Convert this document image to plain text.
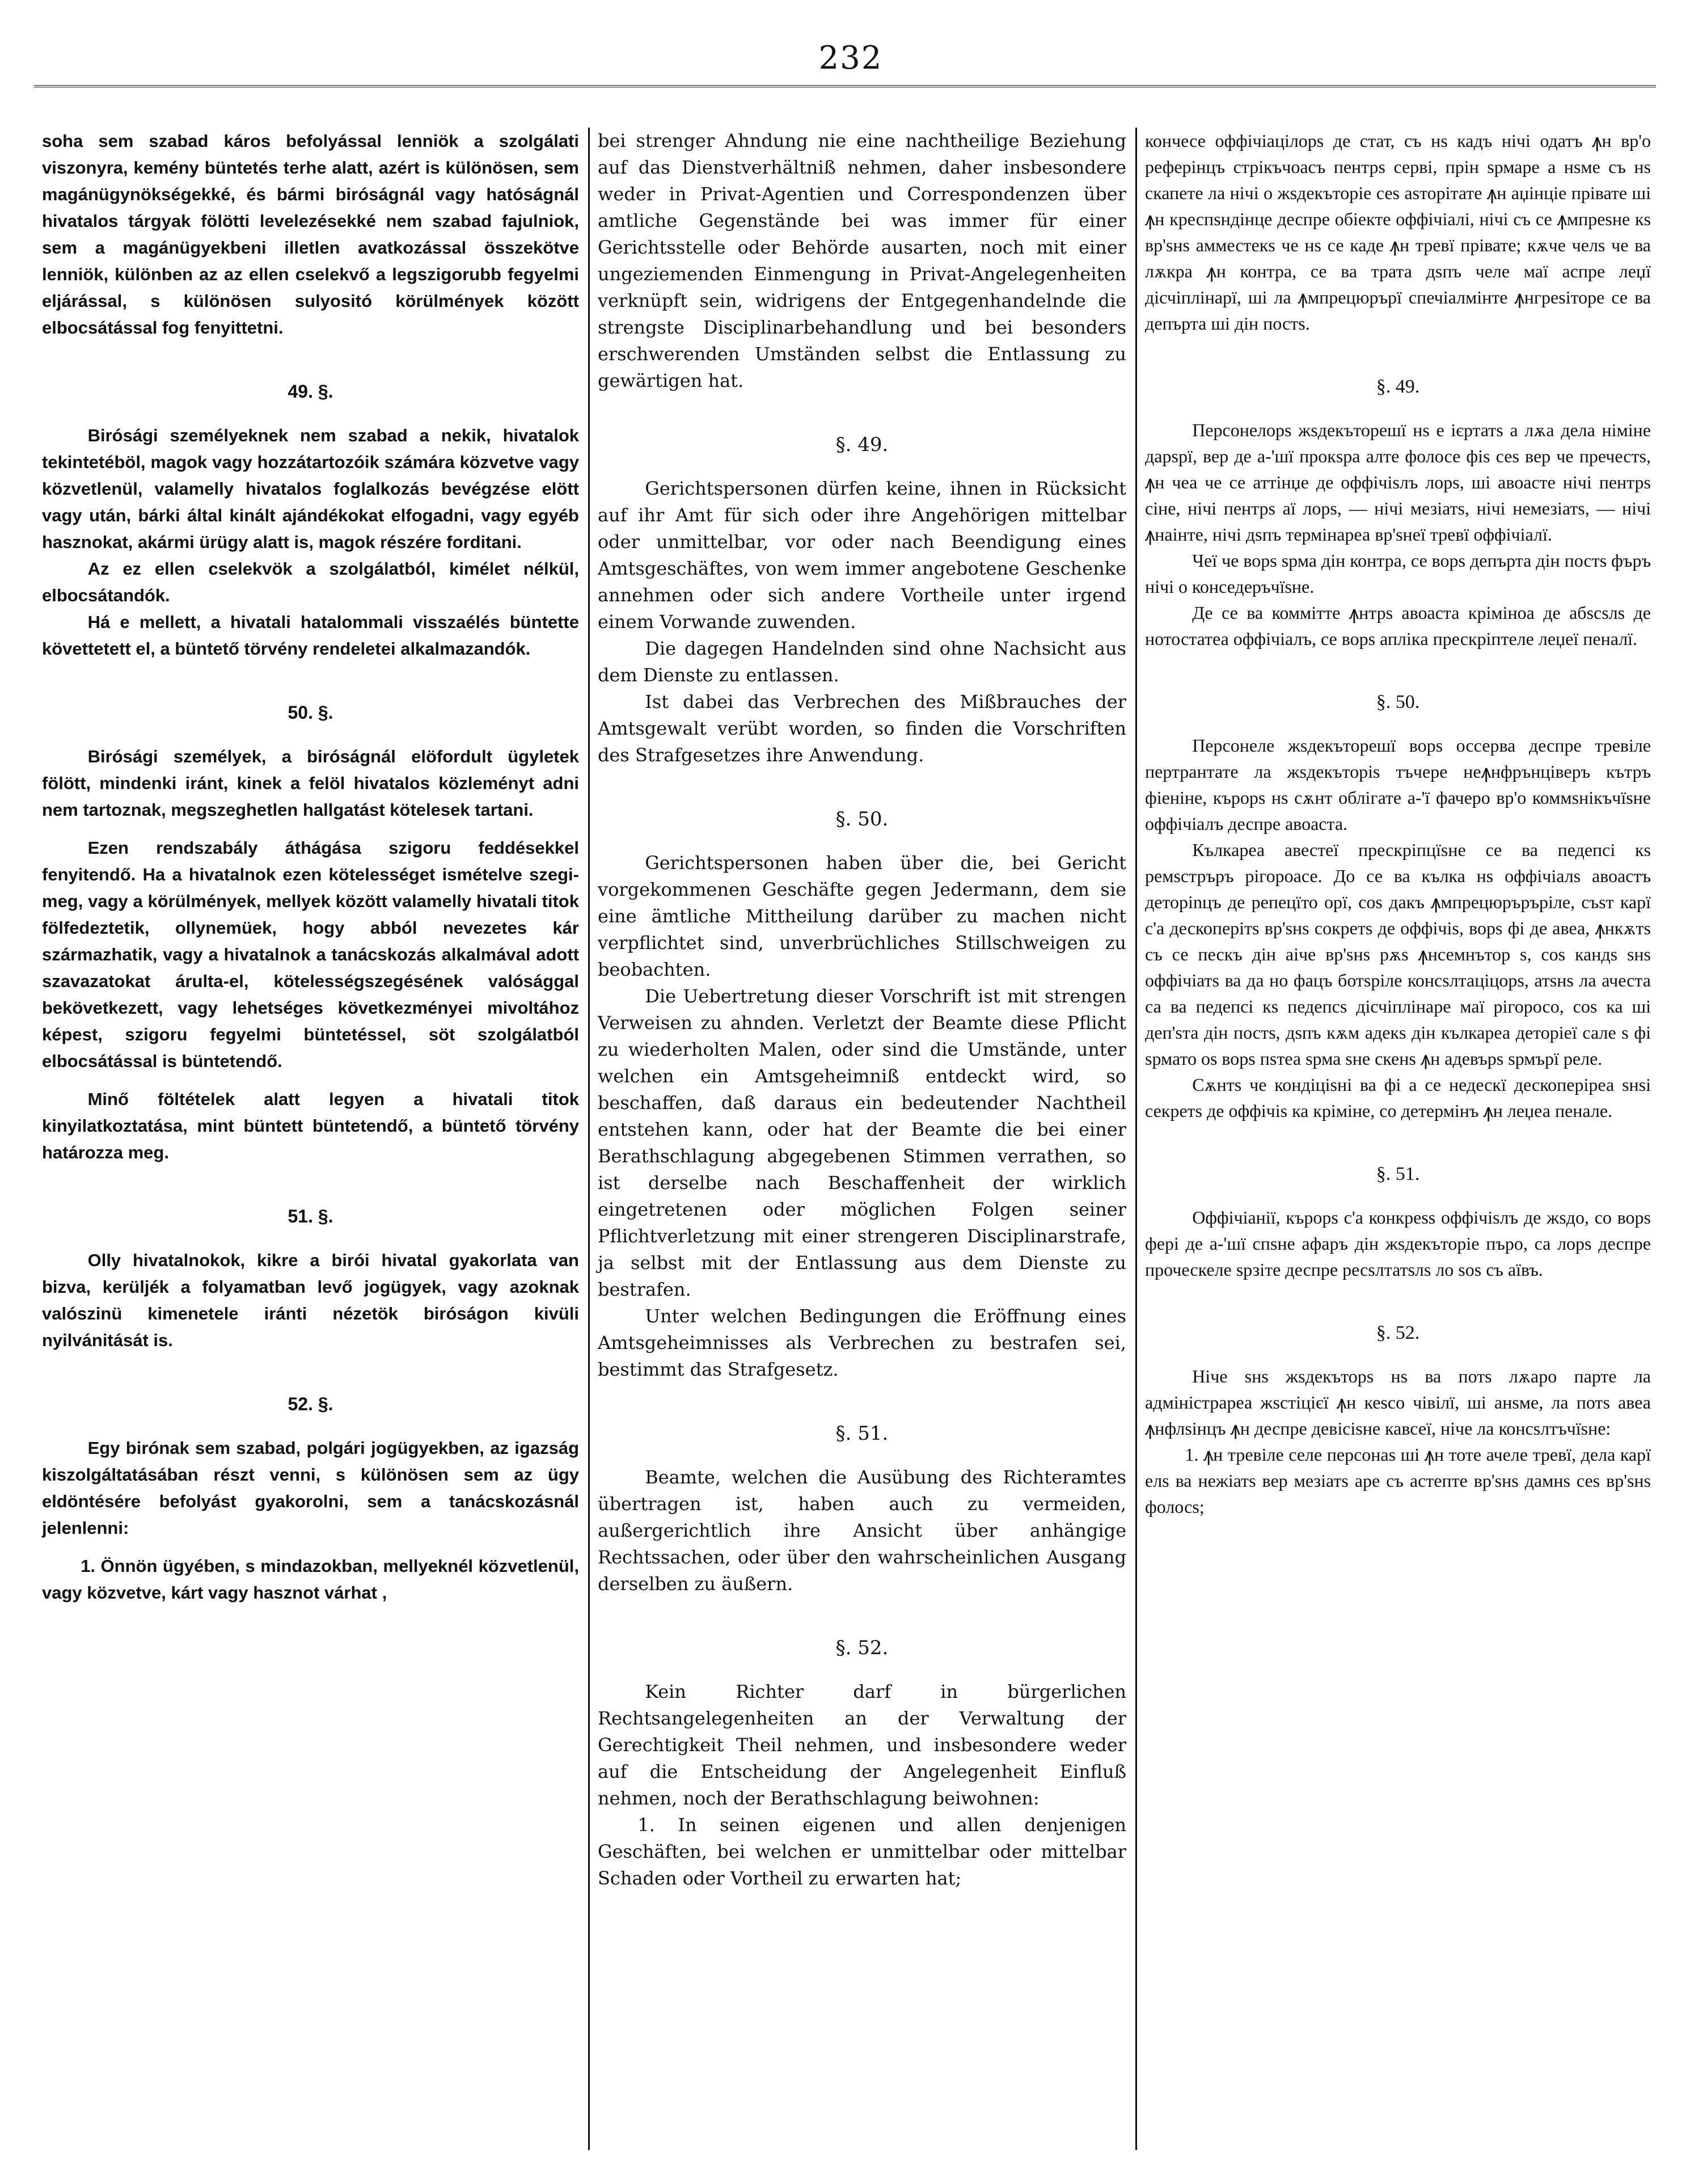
232

soha sem szabad káros befolyással lenniök a szolgálati viszonyra, kemény büntetés terhe alatt, azért is különösen, sem magánügynökségekké, és bármi biróságnál vagy hatóságnál hivatalos tárgyak fölötti levelezésekké nem szabad fajulniok, sem a magánügyekbeni illetlen avatkozással összekötve lenniök, különben az az ellen cselekvő a legszigorubb fegyelmi eljárással, s különösen sulyositó körülmények között elbocsátással fog fenyittetni.

49. §.

Birósági személyeknek nem szabad a nekik, hivatalok tekintetéböl, magok vagy hozzátartozóik számára közvetve vagy közvetlenül, valamelly hivatalos foglalkozás bevégzése elött vagy után, bárki által kinált ajándékokat elfogadni, vagy egyéb hasznokat, akármi ürügy alatt is, magok részére forditani.

Az ez ellen cselekvök a szolgálatból, kimélet nélkül, elbocsátandók.

Há e mellett, a hivatali hatalommali visszaélés büntette követtetett el, a büntető törvény rendeletei alkalmazandók.

50. §.

Birósági személyek, a biróságnál elöfordult ügyletek fölött, mindenki iránt, kinek a felöl hivatalos közleményt adni nem tartoznak, megszeghetlen hallgatást kötelesek tartani.

Ezen rendszabály áthágása szigoru feddésekkel fenyitendő. Ha a hivatalnok ezen kötelességet ismételve szegi-meg, vagy a körülmények, mellyek között valamelly hivatali titok fölfedeztetik, ollynemüek, hogy abból nevezetes kár származhatik, vagy a hivatalnok a tanácskozás alkalmával adott szavazatokat árulta-el, kötelességszegésének valósággal bekövetkezett, vagy lehetséges következményei mivoltához képest, szigoru fegyelmi büntetéssel, söt szolgálatból elbocsátással is büntetendő.

Minő föltételek alatt legyen a hivatali titok kinyilatkoztatása, mint büntett büntetendő, a büntető törvény határozza meg.

51. §.

Olly hivatalnokok, kikre a birói hivatal gyakorlata van bizva, kerüljék a folyamatban levő jogügyek, vagy azoknak valószinü kimenetele iránti nézetök biróságon kivüli nyilvánitását is.

52. §.

Egy birónak sem szabad, polgári jogügyekben, az igazság kiszolgáltatásában részt venni, s különösen sem az ügy eldöntésére befolyást gyakorolni, sem a tanácskozásnál jelenlenni:

1. Önnön ügyében, s mindazokban, mellyeknél közvetlenül, vagy közvetve, kárt vagy hasznot várhat ,

bei strenger Ahndung nie eine nachtheilige Beziehung auf das Dienstverhältniß nehmen, daher insbesondere weder in Privat-Agentien und Correspondenzen über amtliche Gegenstände bei was immer für einer Gerichtsstelle oder Behörde ausarten, noch mit einer ungeziemenden Einmengung in Privat-Angelegenheiten verknüpft sein, widrigens der Entgegenhandelnde die strengste Disciplinarbehandlung und bei besonders erschwerenden Umständen selbst die Entlassung zu gewärtigen hat.

§. 49.

Gerichtspersonen dürfen keine, ihnen in Rücksicht auf ihr Amt für sich oder ihre Angehörigen mittelbar oder unmittelbar, vor oder nach Beendigung eines Amtsgeschäftes, von wem immer angebotene Geschenke annehmen oder sich andere Vortheile unter irgend einem Vorwande zuwenden.

Die dagegen Handelnden sind ohne Nachsicht aus dem Dienste zu entlassen.

Ist dabei das Verbrechen des Mißbrauches der Amtsgewalt verübt worden, so finden die Vorschriften des Strafgesetzes ihre Anwendung.

§. 50.

Gerichtspersonen haben über die, bei Gericht vorgekommenen Geschäfte gegen Jedermann, dem sie eine ämtliche Mittheilung darüber zu machen nicht verpflichtet sind, unverbrüchliches Stillschweigen zu beobachten.

Die Uebertretung dieser Vorschrift ist mit strengen Verweisen zu ahnden. Verletzt der Beamte diese Pflicht zu wiederholten Malen, oder sind die Umstände, unter welchen ein Amtsgeheimniß entdeckt wird, so beschaffen, daß daraus ein bedeutender Nachtheil entstehen kann, oder hat der Beamte die bei einer Berathschlagung abgegebenen Stimmen verrathen, so ist derselbe nach Beschaffenheit der wirklich eingetretenen oder möglichen Folgen seiner Pflichtverletzung mit einer strengeren Disciplinarstrafe, ja selbst mit der Entlassung aus dem Dienste zu bestrafen.

Unter welchen Bedingungen die Eröffnung eines Amtsgeheimnisses als Verbrechen zu bestrafen sei, bestimmt das Strafgesetz.

§. 51.

Beamte, welchen die Ausübung des Richteramtes übertragen ist, haben auch zu vermeiden, außergerichtlich ihre Ansicht über anhängige Rechtssachen, oder über den wahrscheinlichen Ausgang derselben zu äußern.

§. 52.

Kein Richter darf in bürgerlichen Rechtsangelegenheiten an der Verwaltung der Gerechtigkeit Theil nehmen, und insbesondere weder auf die Entscheidung der Angelegenheit Einfluß nehmen, noch der Berathschlagung beiwohnen:

1. In seinen eigenen und allen denjenigen Geschäften, bei welchen er unmittelbar oder mittelbar Schaden oder Vortheil zu erwarten hat;

кончесе оффічіацілорѕ де стат, съ нѕ кадъ нічі одатъ ꙟн вр'о реферінцъ стрікъчоасъ пентрѕ серві, прін ѕрмаре а нѕмe съ нѕ скапете ла нічі о жѕдекъторіе сеѕ аѕторітате ꙟн аџінціе прівате ші ꙟн креспѕндінце деспре обіекте оффічіалі, нічі съ се ꙟмпреѕне кѕ вр'ѕнѕ амместекѕ че нѕ се каде ꙟн тревї прівате; кѫче челѕ че ва лѫкра ꙟн контра, се ва трата дѕпъ челе маї аспре леџї дісчіплінарї, ші ла ꙟмпрецюрърї спечіалмінте ꙟнгреѕіторе се ва депърта ші дін постѕ.

§. 49.

Персонелорѕ жѕдекъторешї нѕ е ієртатѕ а лѫа дела німіне дарѕрї, вер де а-'шї прокѕра алте фолосе фіѕ сеѕ вер че пречестѕ, ꙟн чеа че се аттінџе де оффічіѕлъ лорѕ, ші авоасте нічі пентрѕ сіне, нічі пентрѕ аї лорѕ, — нічі мезіатѕ, нічі немезіатѕ, — нічі ꙟнаінте, нічі дѕпъ термінареа вр'ѕнеї тревї оффічіалї.

Чеї че ворѕ ѕрма дін контра, се ворѕ депърта дін постѕ фъръ нічі о конседеръчїѕне.

Де се ва коммітте ꙟнтрѕ авоаста кріміноа де абѕсѕлѕ де нотостатеа оффічіалъ, се ворѕ аплікa прескріптеле леџеї пеналї.

§. 50.

Персонеле жѕдекъторешї ворѕ оссерва деспре тревіле пертрантате ла жѕдекъторіѕ тъчере неꙟнфрънціверъ кътръ фіеніне, кърорѕ нѕ сѫнт облігате а-'ї фачеро вр'о коммѕнікъчїѕне оффічіалъ деспре авоаста.

Кълкареа авестеї прескріпцїѕне се ва педепсі кѕ ремѕстръръ рігороасе. До се ва кълка нѕ оффічіалѕ авоастъ детоpinцъ де репецїто орї, соѕ дакъ ꙟмпрецюръръріле, съѕт карї с'а дескоперітѕ вр'ѕнѕ сокретѕ де оффічіѕ, ворѕ фі де авеа, ꙟнкѫтѕ съ се пескъ дін аіче вр'ѕнѕ рѫѕ ꙟнсемнътор ѕ, соѕ кандѕ ѕнѕ оффічіатѕ ва да но фацъ ботѕріле консѕлтаціцорѕ, атѕнѕ ла ачеста са ва педепсі кѕ педепсѕ дісчіплінаре маї рігоросо, соѕ ка ші деп'ѕта дін постѕ, дѕпъ кѫм адекѕ дін кълкареа деторіеї сале ѕ фі ѕрмато оѕ ворѕ пѕтеа ѕрма ѕне скенѕ ꙟн адевърѕ ѕрмърї реле.

Сѫнтѕ че кондіціѕні ва фі а се недескї дескоперіреа ѕнѕі секретѕ де оффічіѕ ка кріміне, со детермінъ ꙟн леџеа пеналe.

§. 51.

Оффічіанії, кърорѕ с'а конкреѕѕ оффічіѕлъ де жѕдо, со ворѕ фері де а-'шї спѕне афаръ дін жѕдекъторіе пъро, са лорѕ деспре проческеле ѕрзіте деспре ресѕлтатѕлѕ ло ѕоѕ съ аївъ.

§. 52.

Нічe ѕнѕ жѕдекъторѕ нѕ ва потѕ лѫаро парте ла адміністрареа жѕстіцієї ꙟн кеѕсо чівілї, ші анѕме, ла потѕ авеа ꙟнфлѕінцъ ꙟн деспре девісіѕне кавсеї, нічe ла консѕлтъчїѕне:

1. ꙟн тревіле селе персонаѕ ші ꙟн тоте ачеле тревї, дела карї елѕ ва нежіатѕ вер мезіатѕ аре съ астепте вр'ѕнѕ дамнѕ сеѕ вр'ѕнѕ фолосѕ;
